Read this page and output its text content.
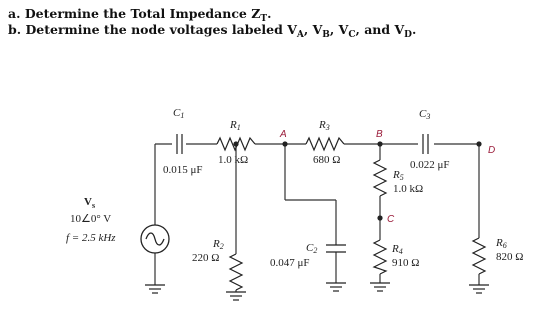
a. Determine the Total Impedance $Z_T$.
b. Determine the node voltages labeled $V_A$, $V_B$, $V_C$, and $V_D$.
A	B
C
D
C1
0.015 μF
R1
1.0 kΩ
R3
680 Ω
C3
0.022 μF
R5
1.0 kΩ
R4
910 Ω
R6
820 Ω
R2
220 Ω
C2
0.047 μF
$V_s$
10∠0° V
f = 2.5 kHz
